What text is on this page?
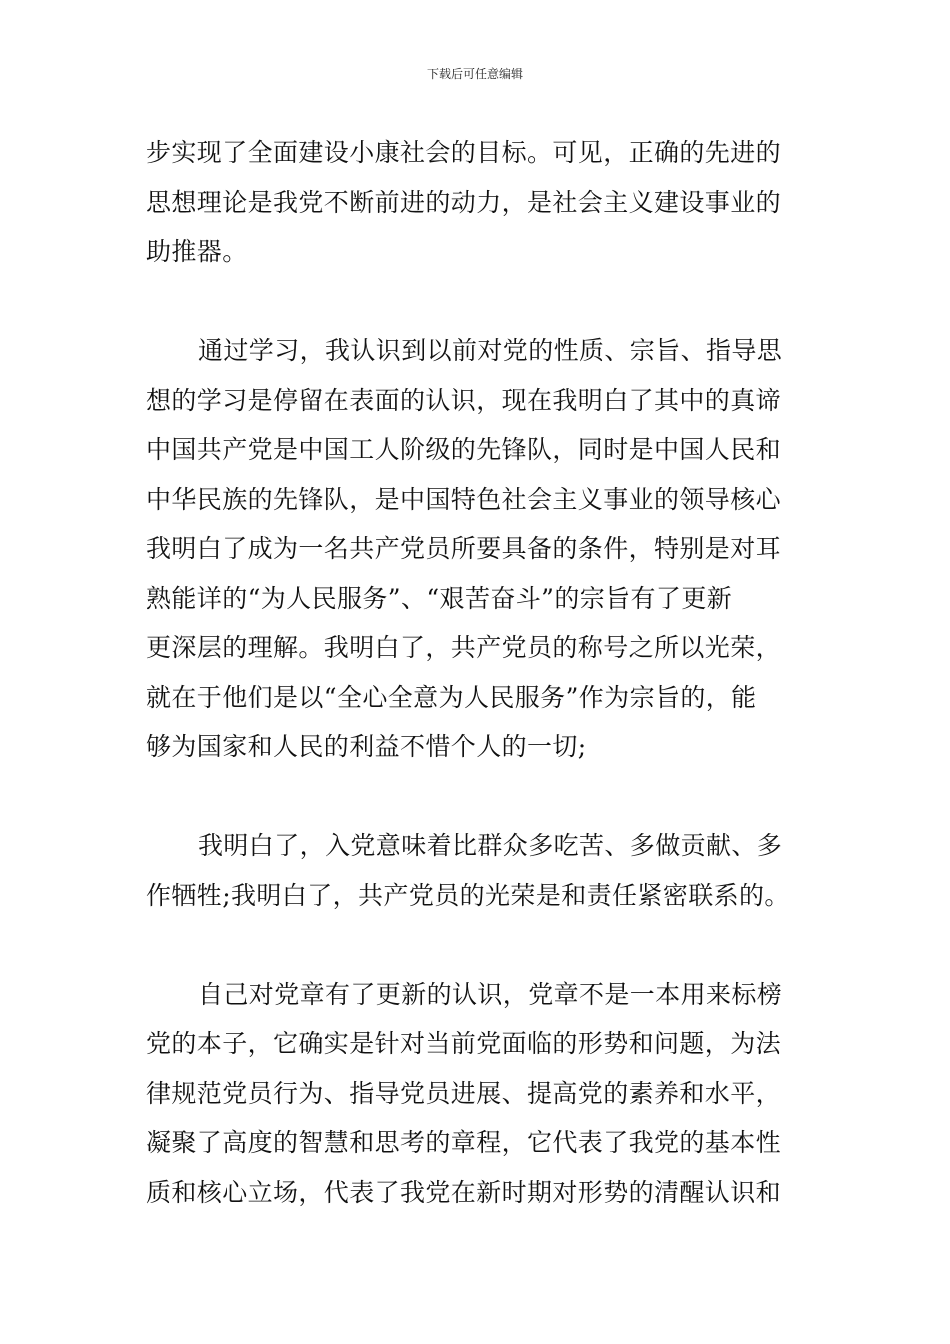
下载后可任意编辑
步实现了全面建设小康社会的目标。可见，正确的先进的
思想理论是我党不断前进的动力，是社会主义建设事业的
助推器。
通过学习，我认识到以前对党的性质、宗旨、指导思
想的学习是停留在表面的认识，现在我明白了其中的真谛
中国共产党是中国工人阶级的先锋队，同时是中国人民和
中华民族的先锋队，是中国特色社会主义事业的领导核心
我明白了成为一名共产党员所要具备的条件，特别是对耳
熟能详的“为人民服务”、“艰苦奋斗”的宗旨有了更新
更深层的理解。我明白了，共产党员的称号之所以光荣，
就在于他们是以“全心全意为人民服务”作为宗旨的，能
够为国家和人民的利益不惜个人的一切;
我明白了，入党意味着比群众多吃苦、多做贡献、多
作牺牲;我明白了，共产党员的光荣是和责任紧密联系的。
自己对党章有了更新的认识，党章不是一本用来标榜
党的本子，它确实是针对当前党面临的形势和问题，为法
律规范党员行为、指导党员进展、提高党的素养和水平，
凝聚了高度的智慧和思考的章程，它代表了我党的基本性
质和核心立场，代表了我党在新时期对形势的清醒认识和
